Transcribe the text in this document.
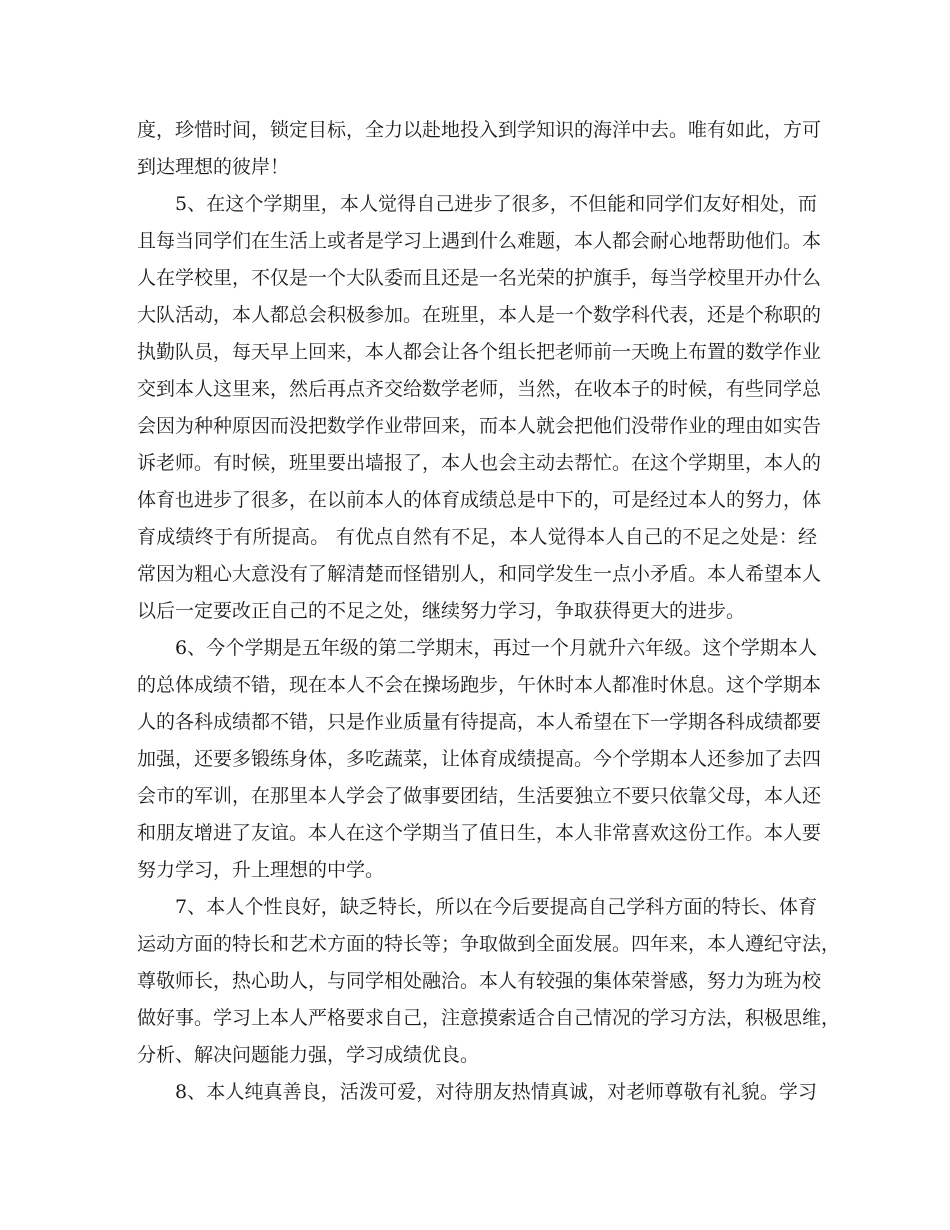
度，珍惜时间，锁定目标，全力以赴地投入到学知识的海洋中去。唯有如此，方可
到达理想的彼岸！
5、在这个学期里，本人觉得自己进步了很多，不但能和同学们友好相处，而
且每当同学们在生活上或者是学习上遇到什么难题，本人都会耐心地帮助他们。本
人在学校里，不仅是一个大队委而且还是一名光荣的护旗手，每当学校里开办什么
大队活动，本人都总会积极参加。在班里，本人是一个数学科代表，还是个称职的
执勤队员，每天早上回来，本人都会让各个组长把老师前一天晚上布置的数学作业
交到本人这里来，然后再点齐交给数学老师，当然，在收本子的时候，有些同学总
会因为种种原因而没把数学作业带回来，而本人就会把他们没带作业的理由如实告
诉老师。有时候，班里要出墙报了，本人也会主动去帮忙。在这个学期里，本人的
体育也进步了很多，在以前本人的体育成绩总是中下的，可是经过本人的努力，体
育成绩终于有所提高。 有优点自然有不足，本人觉得本人自己的不足之处是：经
常因为粗心大意没有了解清楚而怪错别人，和同学发生一点小矛盾。本人希望本人
以后一定要改正自己的不足之处，继续努力学习，争取获得更大的进步。
6、今个学期是五年级的第二学期末，再过一个月就升六年级。这个学期本人
的总体成绩不错，现在本人不会在操场跑步，午休时本人都准时休息。这个学期本
人的各科成绩都不错，只是作业质量有待提高，本人希望在下一学期各科成绩都要
加强，还要多锻练身体，多吃蔬菜，让体育成绩提高。今个学期本人还参加了去四
会市的军训，在那里本人学会了做事要团结，生活要独立不要只依靠父母，本人还
和朋友增进了友谊。本人在这个学期当了值日生，本人非常喜欢这份工作。本人要
努力学习，升上理想的中学。
7、本人个性良好，缺乏特长，所以在今后要提高自己学科方面的特长、体育
运动方面的特长和艺术方面的特长等；争取做到全面发展。四年来，本人遵纪守法，
尊敬师长，热心助人，与同学相处融洽。本人有较强的集体荣誉感，努力为班为校
做好事。学习上本人严格要求自己，注意摸索适合自己情况的学习方法，积极思维，
分析、解决问题能力强，学习成绩优良。
8、本人纯真善良，活泼可爱，对待朋友热情真诚，对老师尊敬有礼貌。学习
